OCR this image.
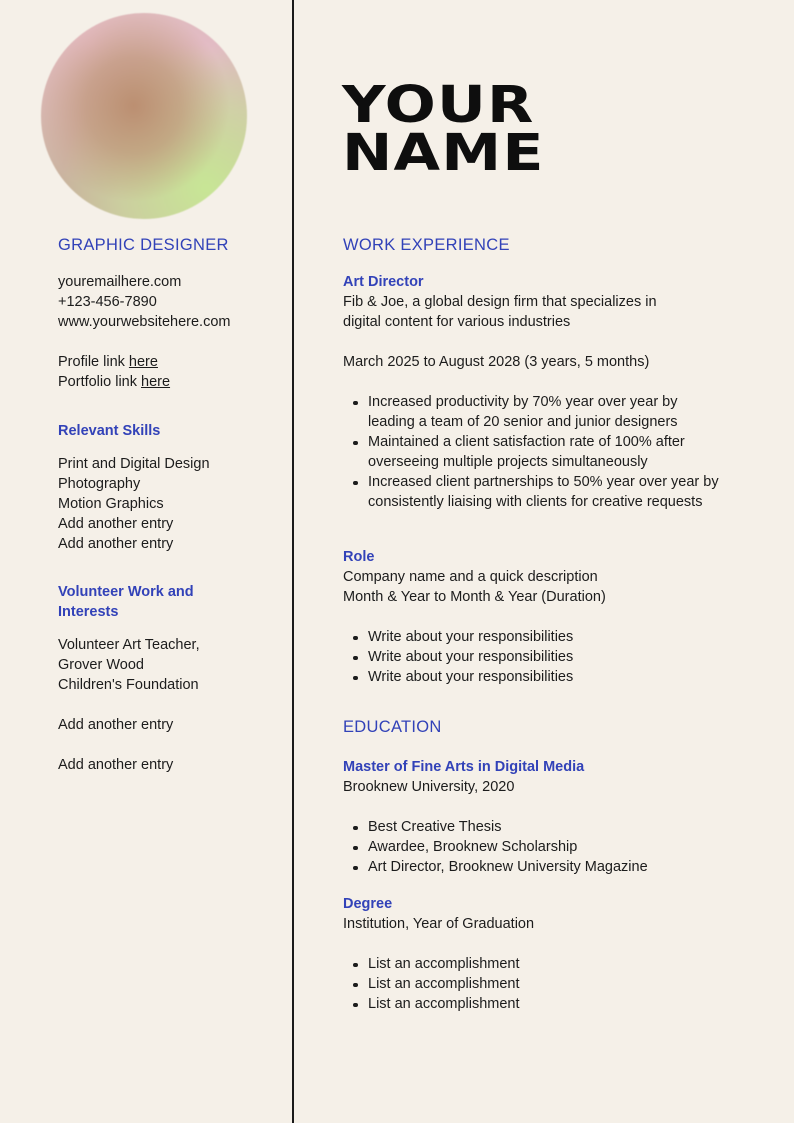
YOUR
NAME

GRAPHIC DESIGNER

youremailhere.com

+123-456-7890

www.yourwebsitehere.com

Profile link here

Portfolio link here

Relevant Skills

Print and Digital Design

Photography

Motion Graphics

Add another entry

Add another entry

Volunteer Work and

Interests

Volunteer Art Teacher,

Grover Wood

Children's Foundation

Add another entry

Add another entry

WORK EXPERIENCE

Art Director

Fib & Joe, a global design firm that specializes in

digital content for various industries

March 2025 to August 2028 (3 years, 5 months)

Increased productivity by 70% year over year by leading a team of 20 senior and junior designers
Maintained a client satisfaction rate of 100% after overseeing multiple projects simultaneously
Increased client partnerships to 50% year over year by consistently liaising with clients for creative requests

Role

Company name and a quick description

Month & Year to Month & Year (Duration)

Write about your responsibilities
Write about your responsibilities
Write about your responsibilities

EDUCATION

Master of Fine Arts in Digital Media

Brooknew University, 2020

Best Creative Thesis
Awardee, Brooknew Scholarship
Art Director, Brooknew University Magazine

Degree

Institution, Year of Graduation

List an accomplishment
List an accomplishment
List an accomplishment
